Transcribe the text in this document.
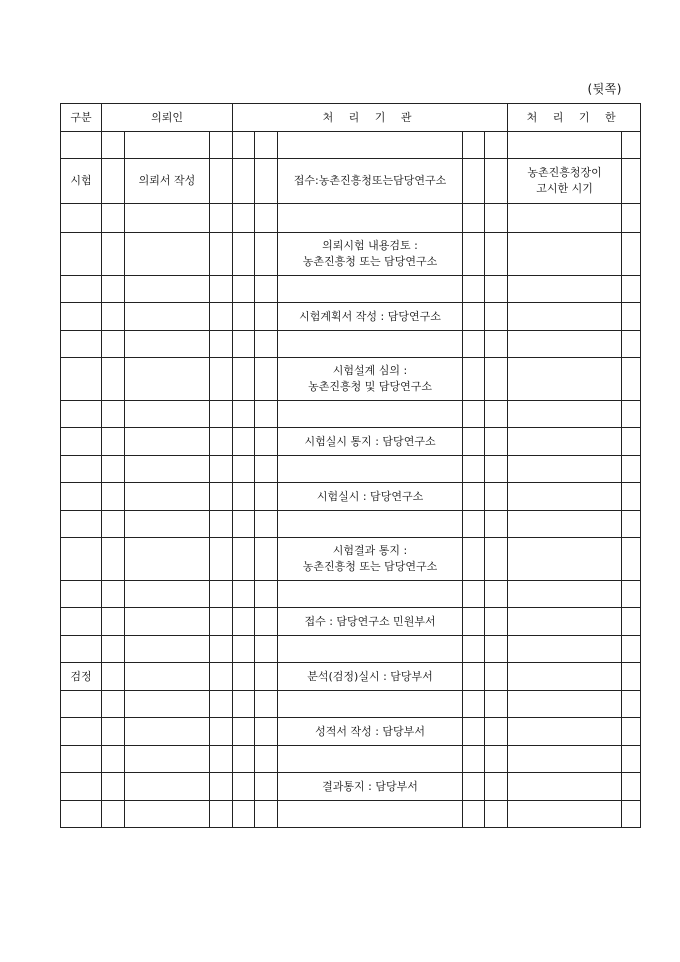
(뒷쪽)
구분	의뢰인			처 리 기 관					처 리 기 한	

시험		의뢰서 작성				접수:농촌진흥청또는담당연구소			농촌진흥청장이
고시한 시기	

						의뢰시험 내용검토 :
농촌진흥청 또는 담당연구소				

						시험계획서 작성 : 담당연구소				

						시험설계 심의 :
농촌진흥청 및 담당연구소				

						시험실시 통지 : 담당연구소				

						시험실시 : 담당연구소				

						시험결과 통지 :
농촌진흥청 또는 담당연구소				

						접수 : 담당연구소 민원부서				

검정						분석(검정)실시 : 담당부서				

						성적서 작성 : 담당부서				

						결과통지 : 담당부서				
